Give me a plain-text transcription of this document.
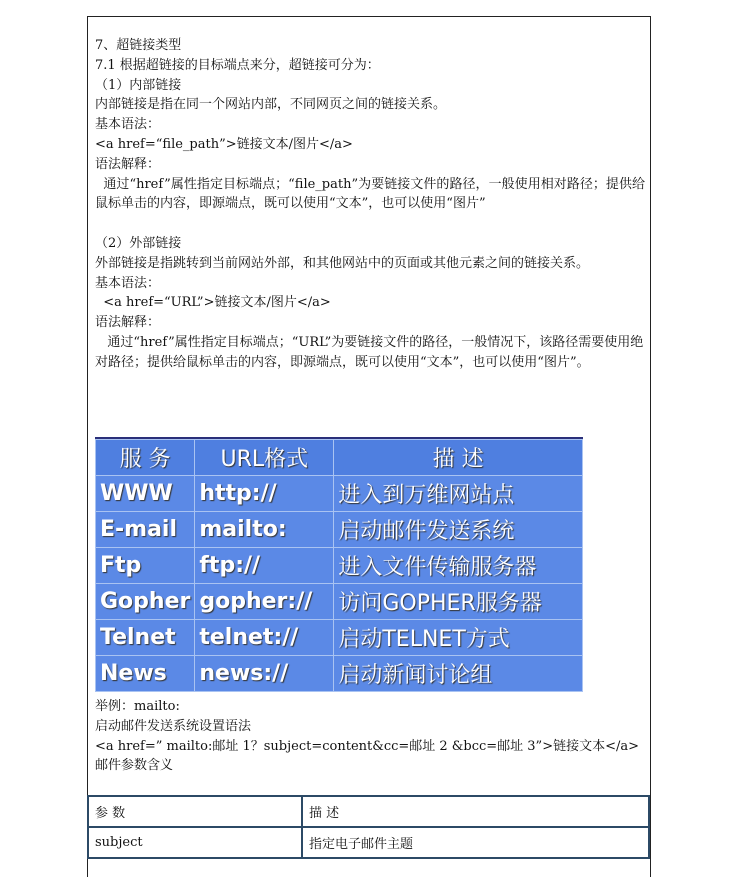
7、超链接类型

7.1 根据超链接的目标端点来分，超链接可分为：

（1）内部链接

内部链接是指在同一个网站内部，不同网页之间的链接关系。

基本语法：

<a href=“file_path”>链接文本/图片</a>

语法解释：

通过“href”属性指定目标端点；“file_path”为要链接文件的路径，一般使用相对路径；提供给鼠标单击的内容，即源端点，既可以使用“文本”，也可以使用“图片”

（2）外部链接

外部链接是指跳转到当前网站外部，和其他网站中的页面或其他元素之间的链接关系。

基本语法：

<a href=“URL”>链接文本/图片</a>

语法解释：

通过“href”属性指定目标端点；“URL”为要链接文件的路径，一般情况下，该路径需要使用绝对路径；提供给鼠标单击的内容，即源端点，既可以使用“文本”，也可以使用“图片”。

服 务	URL格式	描 述
WWW	http://	进入到万维网站点
E-mail	mailto:	启动邮件发送系统
Ftp	ftp://	进入文件传输服务器
Gopher	gopher://	访问GOPHER服务器
Telnet	telnet://	启动TELNET方式
News	news://	启动新闻讨论组

举例：mailto:

启动邮件发送系统设置语法

<a href=” mailto:邮址 1？subject=content&cc=邮址 2 &bcc=邮址 3”>链接文本</a>

邮件参数含义

参 数	描 述
subject	指定电子邮件主题
